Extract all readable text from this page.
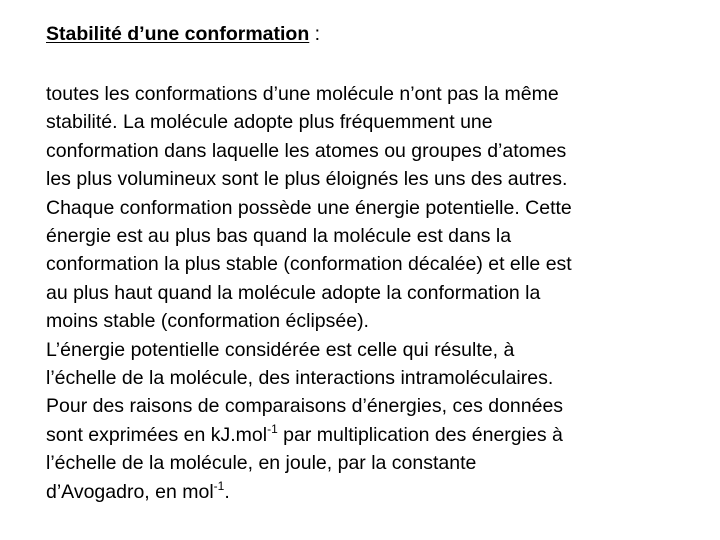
Stabilité d’une conformation :
toutes les conformations d’une molécule n’ont pas la même
stabilité. La molécule adopte plus fréquemment une
conformation dans laquelle les atomes ou groupes d’atomes
les plus volumineux sont le plus éloignés les uns des autres.
Chaque conformation possède une énergie potentielle. Cette
énergie est au plus bas quand la molécule est dans la
conformation la plus stable (conformation décalée) et elle est
au plus haut quand la molécule adopte la conformation la
moins stable (conformation éclipsée).
L’énergie potentielle considérée est celle qui résulte, à
l’échelle de la molécule, des interactions intramoléculaires.
Pour des raisons de comparaisons d’énergies, ces données
sont exprimées en kJ.mol$^{-1}$ par multiplication des énergies à
l’échelle de la molécule, en joule, par la constante
d’Avogadro, en mol$^{-1}$.
